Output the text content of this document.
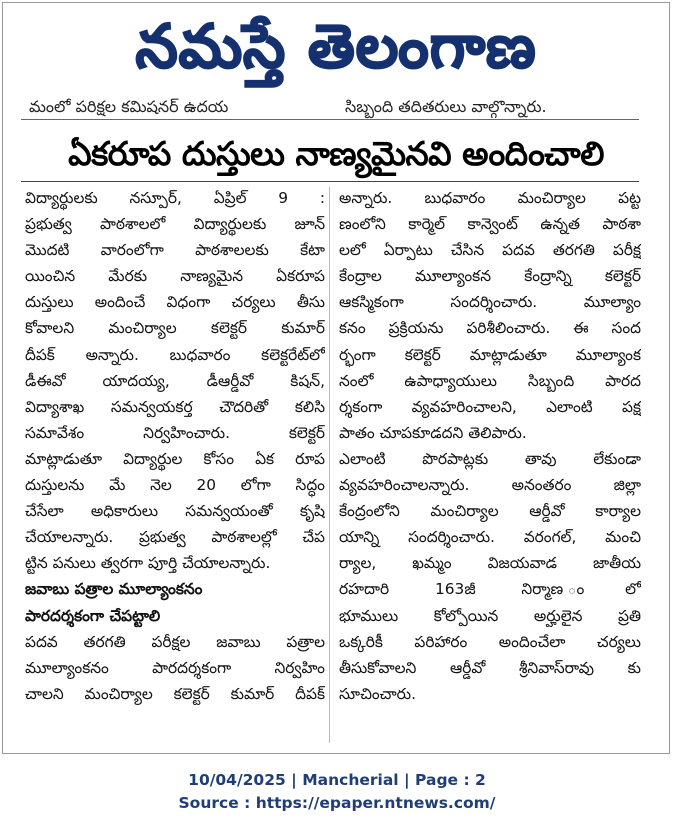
నమస్తే తెలంగాణ
మంలో పరిక్షల కమిషనర్ ఉదయ	సిబ్బంది తదితరులు వాల్గొన్నారు.
ఏకరూప దుస్తులు నాణ్యమైనవి అందించాలి
విద్యార్థులకు నస్పూర్, ఏప్రిల్ 9 :
ప్రభుత్వ పాఠశాలలో విద్యార్థులకు జూన్
మొదటి వారంలోగా పాఠశాలలకు కేటా
యించిన మేరకు నాణ్యమైన ఏకరూప
దుస్తులు అందించే విధంగా చర్యలు తీసు
కోవాలని మంచిర్యాల కలెక్టర్ కుమార్
దీపక్ అన్నారు. బుధవారం కలెక్టరేట్‌లో
డీఈవో యాదయ్య, డీఆర్డీవో కిషన్,
విద్యాశాఖ సమన్వయకర్త చౌదరితో కలిసి
సమావేశం నిర్వహించారు. కలెక్టర్
మాట్లాడుతూ విద్యార్థుల కోసం ఏక రూప
దుస్తులను మే నెల 20 లోగా సిద్ధం
చేసేలా అధికారులు సమన్వయంతో కృషి
చేయాలన్నారు. ప్రభుత్వ పాఠశాలల్లో చేప
ట్టిన పనులు త్వరగా పూర్తి చేయాలన్నారు.
జవాబు పత్రాల మూల్యాంకనం
పారదర్శకంగా చేపట్టాలి
పదవ తరగతి పరీక్షల జవాబు పత్రాల
మూల్యాంకనం పారదర్శకంగా నిర్వహిం
చాలని మంచిర్యాల కలెక్టర్ కుమార్ దీపక్
అన్నారు. బుధవారం మంచిర్యాల పట్ట
ణంలోని కార్మెల్ కాన్వెంట్ ఉన్నత పాఠశా
లలో ఏర్పాటు చేసిన పదవ తరగతి పరీక్ష
కేంద్రాల మూల్యాంకన కేంద్రాన్ని కలెక్టర్
ఆకస్మికంగా సందర్శించారు. మూల్యాం
కనం ప్రక్రియను పరిశీలించారు. ఈ సంద
ర్భంగా కలెక్టర్ మాట్లాడుతూ మూల్యాంక
నంలో ఉపాధ్యాయులు సిబ్బంది పారద
ర్శకంగా వ్యవహరించాలని, ఎలాంటి పక్ష
పాతం చూపకూడదని తెలిపారు.
ఎలాంటి పొరపాట్లకు తావు లేకుండా
వ్యవహరించాలన్నారు. అనంతరం జిల్లా
కేంద్రంలోని మంచిర్యాల ఆర్డీవో కార్యాల
యాన్ని సందర్శించారు. వరంగల్, మంచి
ర్యాల, ఖమ్మం విజయవాడ జాతీయ
రహదారి 163జీ నిర్మాణ ంలో
భూములు కోల్పోయిన అర్హులైన ప్రతి
ఒక్కరికీ పరిహారం అందించేలా చర్యలు
తీసుకోవాలని ఆర్డీవో శ్రీనివాస్‌రావు కు
సూచించారు.
10/04/2025 | Mancherial | Page : 2
Source : https://epaper.ntnews.com/
